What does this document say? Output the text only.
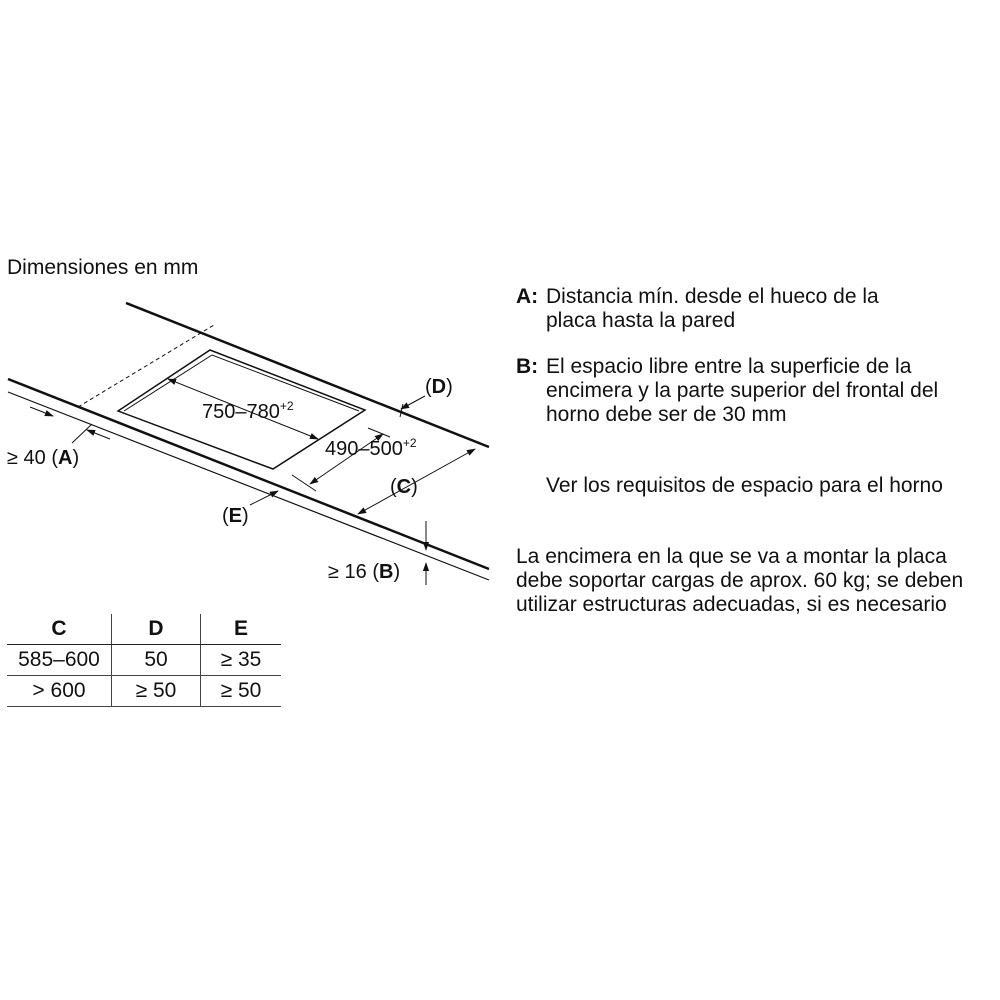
Dimensiones en mm
$750-780^{+2}$
$490-500^{+2}$
≥ 40 (A)
≥ 16 (B)
(C)
(D)
(E)
A: Distancia mín. desde el hueco de la placa hasta la pared
B: El espacio libre entre la superficie de la encimera y la parte superior del frontal del horno debe ser de 30 mm
Ver los requisitos de espacio para el horno
La encimera en la que se va a montar la placa debe soportar cargas de aprox. 60 kg; se deben utilizar estructuras adecuadas, si es necesario
C	D	E
585–600	50	≥ 35
> 600	≥ 50	≥ 50
